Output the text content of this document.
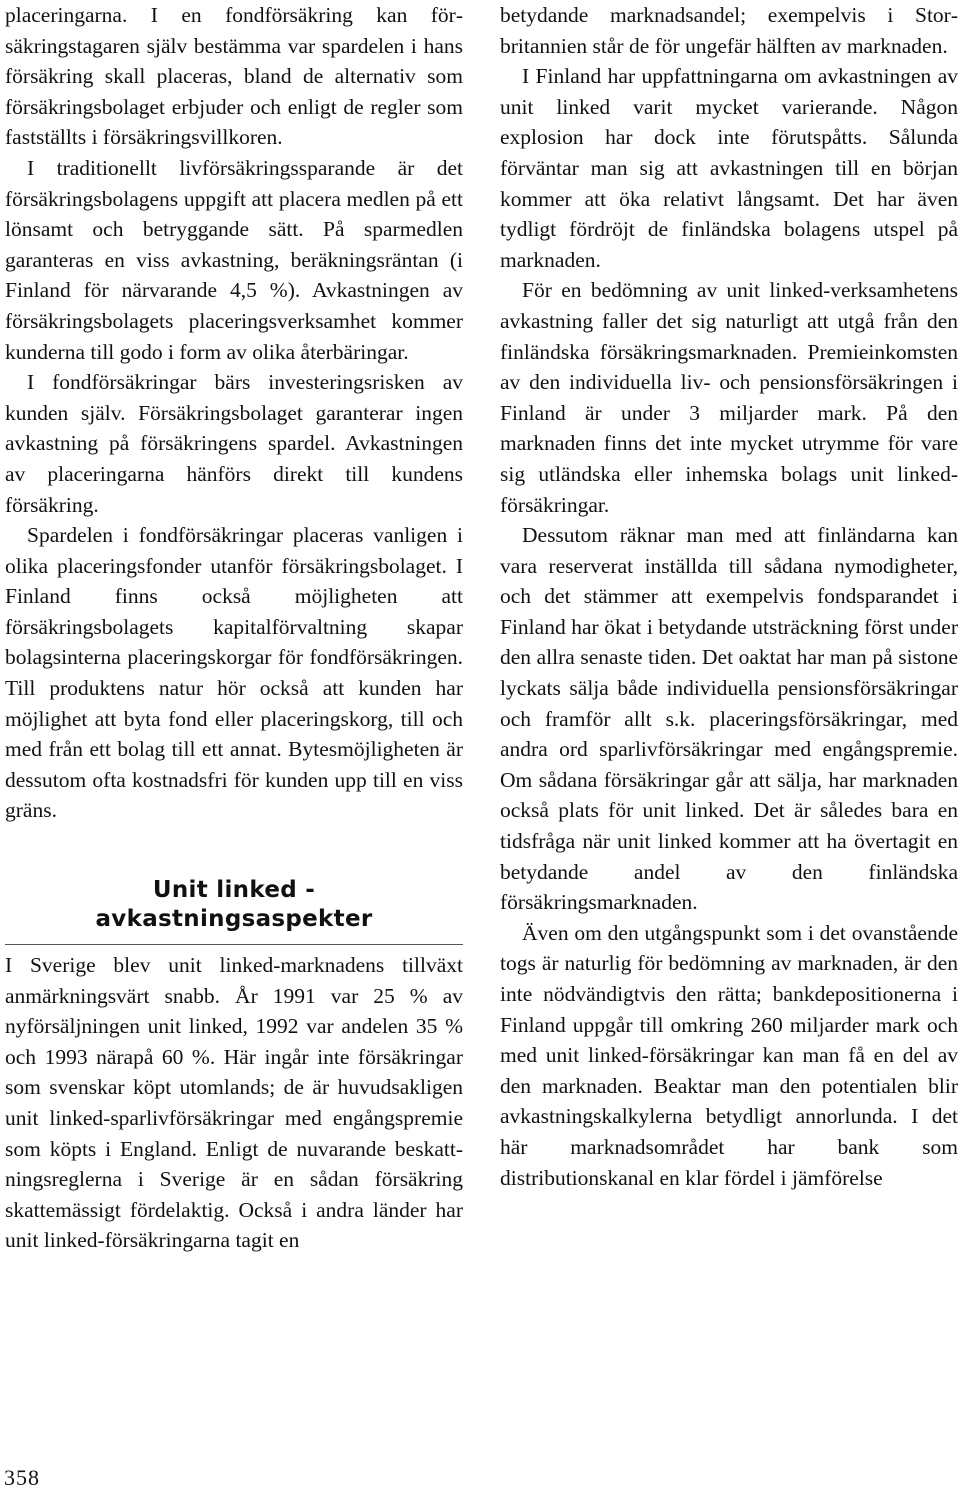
placeringarna. I en fondförsäkring kan försäkringstagaren själv bestämma var spardelen i hans försäkring skall placeras, bland de alternativ som försäkringsbolaget erbjuder och enligt de regler som fastställts i försäkringsvillkoren.

I traditionellt livförsäkringssparande är det försäkringsbolagens uppgift att placera medlen på ett lönsamt och betryggande sätt. På sparmedlen garanteras en viss avkastning, beräkningsräntan (i Finland för närvarande 4,5 %). Avkastningen av försäkringsbolagets placeringsverksamhet kommer kunderna till godo i form av olika återbäringar.

I fondförsäkringar bärs investeringsrisken av kunden själv. Försäkringsbolaget garanterar ingen avkastning på försäkringens spardel. Avkastningen av placeringarna hänförs direkt till kundens försäkring.

Spardelen i fondförsäkringar placeras vanligen i olika placeringsfonder utanför försäkringsbolaget. I Finland finns också möjligheten att försäkringsbolagets kapitalförvaltning skapar bolagsinterna placeringskorgar för fondförsäkringen. Till produktens natur hör också att kunden har möjlighet att byta fond eller placeringskorg, till och med från ett bolag till ett annat. Bytesmöjligheten är dessutom ofta kostnadsfri för kunden upp till en viss gräns.

Unit linked -
avkastningsaspekter

I Sverige blev unit linked-marknadens tillväxt anmärkningsvärt snabb. År 1991 var 25 % av nyförsäljningen unit linked, 1992 var andelen 35 % och 1993 närapå 60 %. Här ingår inte försäkringar som svenskar köpt utomlands; de är huvudsakligen unit linked-sparlivförsäkringar med engångspremie som köpts i England. Enligt de nuvarande beskattningsreglerna i Sverige är en sådan försäkring skattemässigt fördelaktig. Också i andra länder har unit linked-försäkringarna tagit en

betydande marknadsandel; exempelvis i Storbritannien står de för ungefär hälften av marknaden.

I Finland har uppfattningarna om avkastningen av unit linked varit mycket varierande. Någon explosion har dock inte förutspåtts. Sålunda förväntar man sig att avkastningen till en början kommer att öka relativt långsamt. Det har även tydligt fördröjt de finländska bolagens utspel på marknaden.

För en bedömning av unit linked-verksamhetens avkastning faller det sig naturligt att utgå från den finländska försäkringsmarknaden. Premieinkomsten av den individuella liv- och pensionsförsäkringen i Finland är under 3 miljarder mark. På den marknaden finns det inte mycket utrymme för vare sig utländska eller inhemska bolags unit linked-försäkringar.

Dessutom räknar man med att finländarna kan vara reserverat inställda till sådana nymodigheter, och det stämmer att exempelvis fondsparandet i Finland har ökat i betydande utsträckning först under den allra senaste tiden. Det oaktat har man på sistone lyckats sälja både individuella pensionsförsäkringar och framför allt s.k. placeringsförsäkringar, med andra ord sparlivförsäkringar med engångspremie. Om sådana försäkringar går att sälja, har marknaden också plats för unit linked. Det är således bara en tidsfråga när unit linked kommer att ha övertagit en betydande andel av den finländska försäkringsmarknaden.

Även om den utgångspunkt som i det ovanstående togs är naturlig för bedömning av marknaden, är den inte nödvändigtvis den rätta; bankdepositionerna i Finland uppgår till omkring 260 miljarder mark och med unit linked-försäkringar kan man få en del av den marknaden. Beaktar man den potentialen blir avkastningskalkylerna betydligt annorlunda. I det här marknadsområdet har bank som distributionskanal en klar fördel i jämförelse

358
